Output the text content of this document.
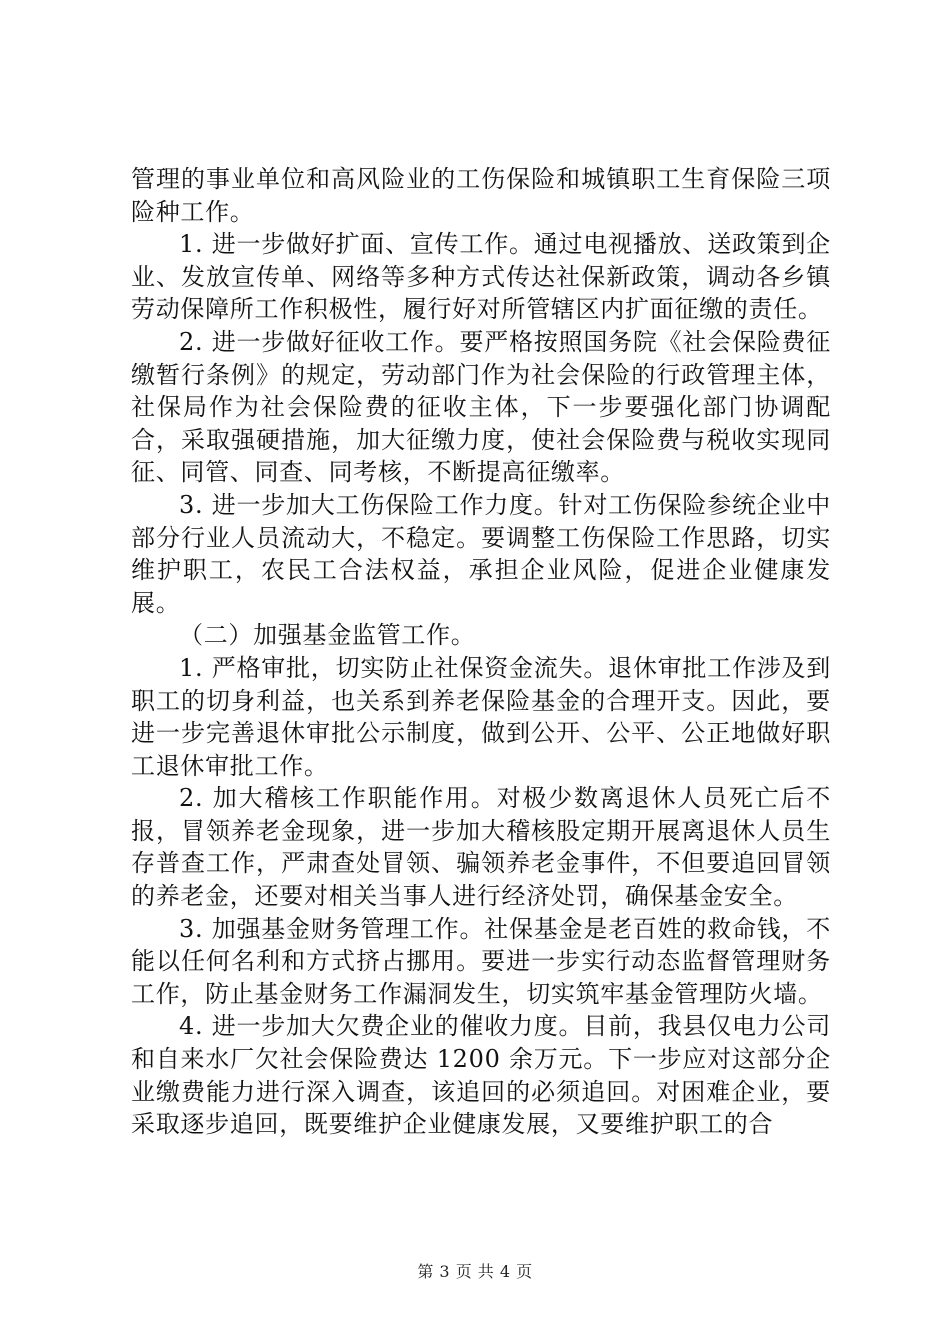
管理的事业单位和高风险业的工伤保险和城镇职工生育保险三项险种工作。

1. 进一步做好扩面、宣传工作。通过电视播放、送政策到企业、发放宣传单、网络等多种方式传达社保新政策，调动各乡镇劳动保障所工作积极性，履行好对所管辖区内扩面征缴的责任。

2. 进一步做好征收工作。要严格按照国务院《社会保险费征缴暂行条例》的规定，劳动部门作为社会保险的行政管理主体，社保局作为社会保险费的征收主体，下一步要强化部门协调配合，采取强硬措施，加大征缴力度，使社会保险费与税收实现同征、同管、同查、同考核，不断提高征缴率。

3. 进一步加大工伤保险工作力度。针对工伤保险参统企业中部分行业人员流动大，不稳定。要调整工伤保险工作思路，切实维护职工，农民工合法权益，承担企业风险，促进企业健康发展。

（二）加强基金监管工作。

1. 严格审批，切实防止社保资金流失。退休审批工作涉及到职工的切身利益，也关系到养老保险基金的合理开支。因此，要进一步完善退休审批公示制度，做到公开、公平、公正地做好职工退休审批工作。

2. 加大稽核工作职能作用。对极少数离退休人员死亡后不报，冒领养老金现象，进一步加大稽核股定期开展离退休人员生存普查工作，严肃查处冒领、骗领养老金事件，不但要追回冒领的养老金，还要对相关当事人进行经济处罚，确保基金安全。

3. 加强基金财务管理工作。社保基金是老百姓的救命钱，不能以任何名利和方式挤占挪用。要进一步实行动态监督管理财务工作，防止基金财务工作漏洞发生，切实筑牢基金管理防火墙。

4. 进一步加大欠费企业的催收力度。目前，我县仅电力公司和自来水厂欠社会保险费达 1200 余万元。下一步应对这部分企业缴费能力进行深入调查，该追回的必须追回。对困难企业，要采取逐步追回，既要维护企业健康发展，又要维护职工的合

第 3 页 共 4 页
